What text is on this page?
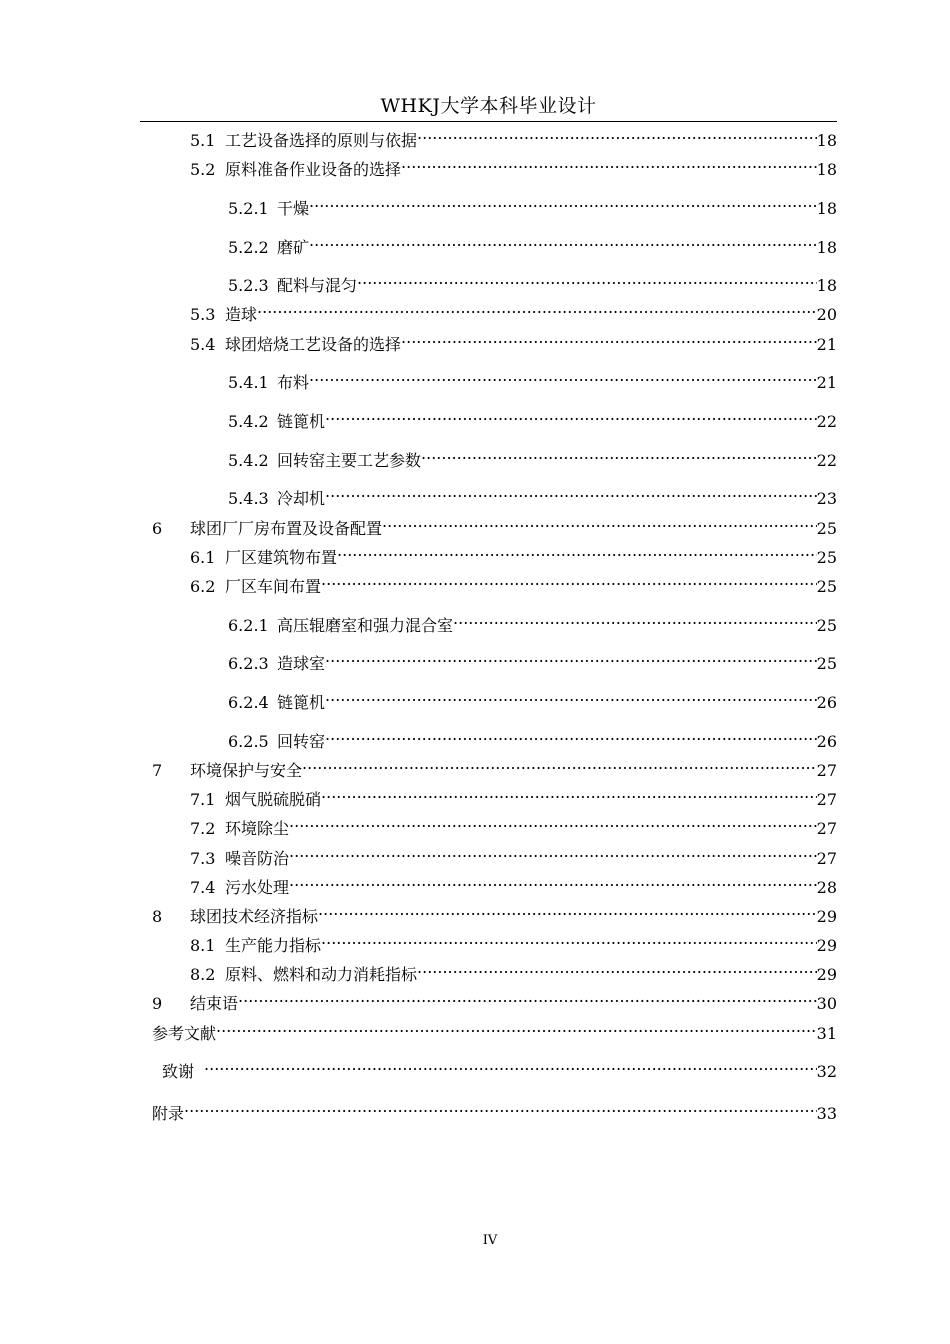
WHKJ大学本科毕业设计
5.1 工艺设备选择的原则与依据 .....	18
5.2 原料准备作业设备的选择 .....	18
5.2.1 干燥 .....	18
5.2.2 磨矿 .....	18
5.2.3 配料与混匀 .....	18
5.3 造球 .....	20
5.4 球团焙烧工艺设备的选择 .....	21
5.4.1 布料 .....	21
5.4.2 链篦机 .....	22
5.4.2 回转窑主要工艺参数 .....	22
5.4.3 冷却机 .....	23
6	球团厂厂房布置及设备配置 .....	25
6.1 厂区建筑物布置 .....	25
6.2 厂区车间布置 .....	25
6.2.1 高压辊磨室和强力混合室 .....	25
6.2.3 造球室 .....	25
6.2.4 链篦机 .....	26
6.2.5 回转窑 .....	26
7	环境保护与安全 .....	27
7.1 烟气脱硫脱硝 .....	27
7.2 环境除尘 .....	27
7.3 噪音防治 .....	27
7.4 污水处理 .....	28
8	球团技术经济指标 .....	29
8.1 生产能力指标 .....	29
8.2 原料、燃料和动力消耗指标 .....	29
9	结束语 .....	30
参考文献 .....	31
致谢 .....	32
附录 .....	33
IV
